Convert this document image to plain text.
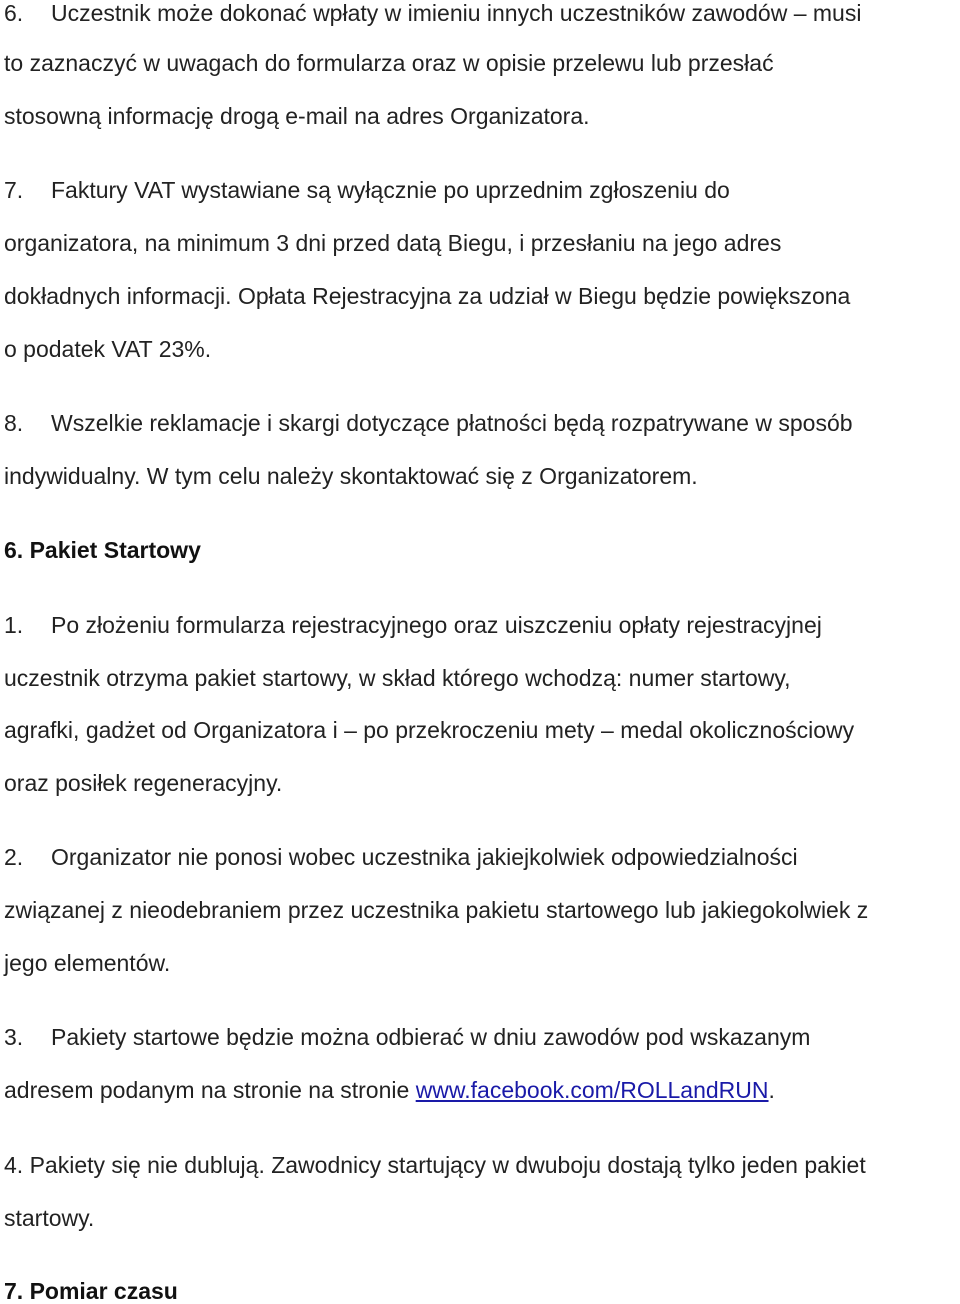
6. Uczestnik może dokonać wpłaty w imieniu innych uczestników zawodów – musi
to zaznaczyć w uwagach do formularza oraz w opisie przelewu lub przesłać
stosowną informację drogą e-mail na adres Organizatora.
7. Faktury VAT wystawiane są wyłącznie po uprzednim zgłoszeniu do
organizatora, na minimum 3 dni przed datą Biegu, i przesłaniu na jego adres
dokładnych informacji. Opłata Rejestracyjna za udział w Biegu będzie powiększona
o podatek VAT 23%.
8. Wszelkie reklamacje i skargi dotyczące płatności będą rozpatrywane w sposób
indywidualny. W tym celu należy skontaktować się z Organizatorem.
6. Pakiet Startowy
1. Po złożeniu formularza rejestracyjnego oraz uiszczeniu opłaty rejestracyjnej
uczestnik otrzyma pakiet startowy, w skład którego wchodzą: numer startowy,
agrafki, gadżet od Organizatora i – po przekroczeniu mety – medal okolicznościowy
oraz posiłek regeneracyjny.
2. Organizator nie ponosi wobec uczestnika jakiejkolwiek odpowiedzialności
związanej z nieodebraniem przez uczestnika pakietu startowego lub jakiegokolwiek z
jego elementów.
3. Pakiety startowe będzie można odbierać w dniu zawodów pod wskazanym
adresem podanym na stronie na stronie www.facebook.com/ROLLandRUN.
4. Pakiety się nie dublują. Zawodnicy startujący w dwuboju dostają tylko jeden pakiet
startowy.
7. Pomiar czasu
